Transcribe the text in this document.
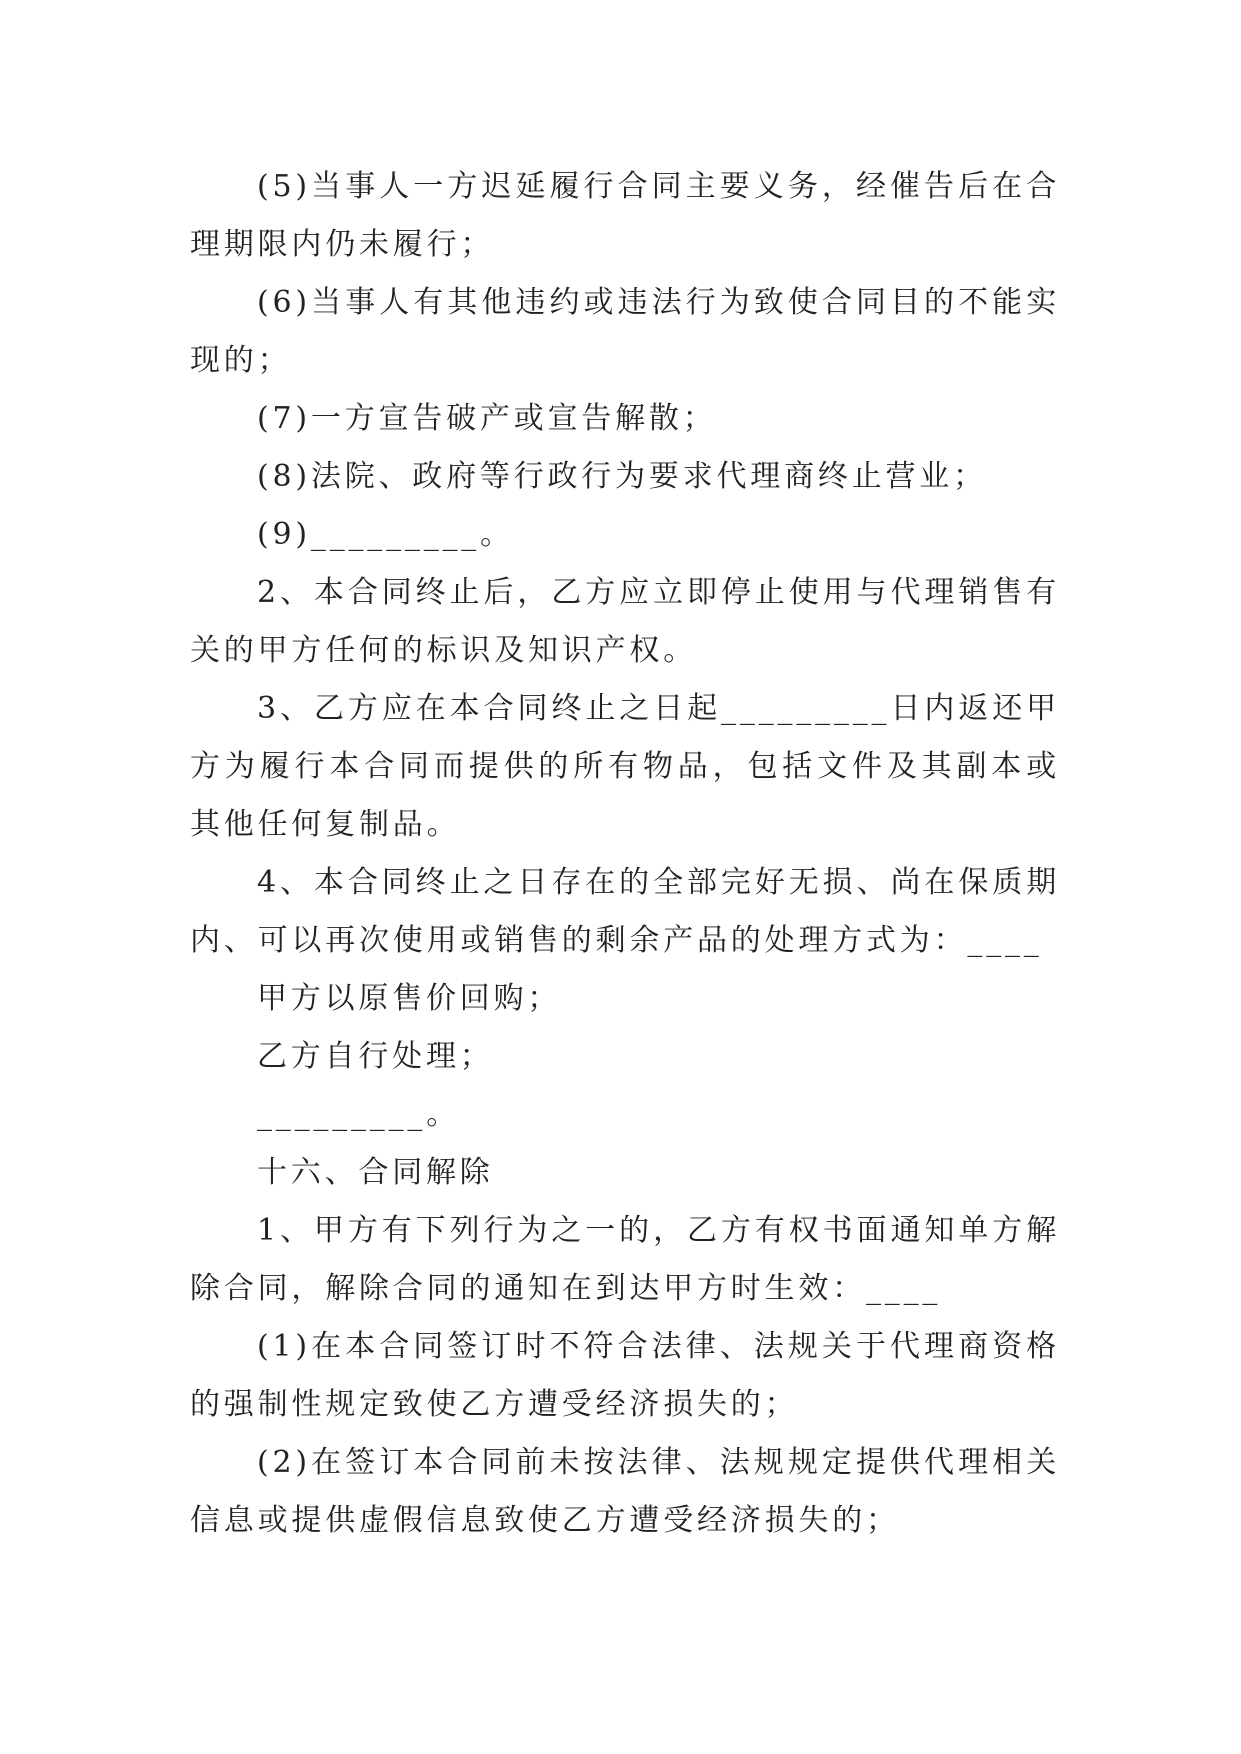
(5)当事人一方迟延履行合同主要义务，经催告后在合理期限内仍未履行；

(6)当事人有其他违约或违法行为致使合同目的不能实现的；

(7)一方宣告破产或宣告解散；

(8)法院、政府等行政行为要求代理商终止营业；

(9)_________。

2、本合同终止后，乙方应立即停止使用与代理销售有关的甲方任何的标识及知识产权。

3、乙方应在本合同终止之日起_________日内返还甲方为履行本合同而提供的所有物品，包括文件及其副本或其他任何复制品。

4、本合同终止之日存在的全部完好无损、尚在保质期内、可以再次使用或销售的剩余产品的处理方式为：____

甲方以原售价回购；

乙方自行处理；

_________。

十六、合同解除

1、甲方有下列行为之一的，乙方有权书面通知单方解除合同，解除合同的通知在到达甲方时生效：____

(1)在本合同签订时不符合法律、法规关于代理商资格的强制性规定致使乙方遭受经济损失的；

(2)在签订本合同前未按法律、法规规定提供代理相关信息或提供虚假信息致使乙方遭受经济损失的；
